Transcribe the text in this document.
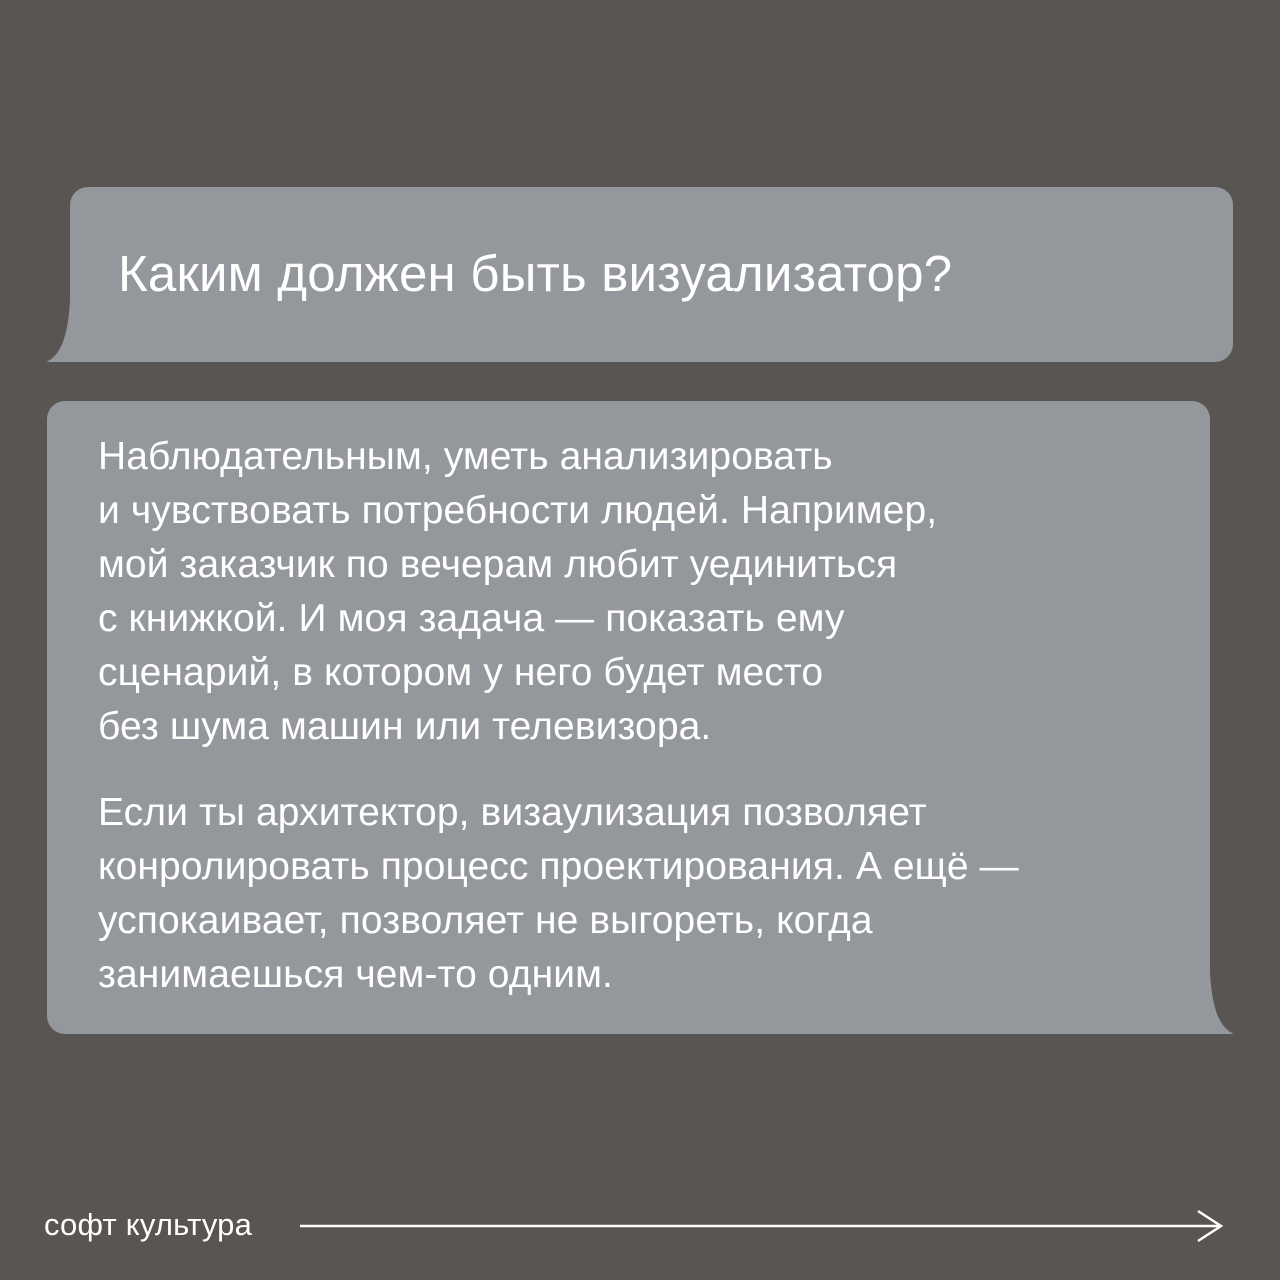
Каким должен быть визуализатор?

Наблюдательным, уметь анализировать
и чувствовать потребности людей. Например,
мой заказчик по вечерам любит уединиться
с книжкой. И моя задача — показать ему
сценарий, в котором у него будет место
без шума машин или телевизора.

Если ты архитектор, визаулизация позволяет
конролировать процесс проектирования. А ещё —
успокаивает, позволяет не выгореть, когда
занимаешься чем-то одним.

софт культура
